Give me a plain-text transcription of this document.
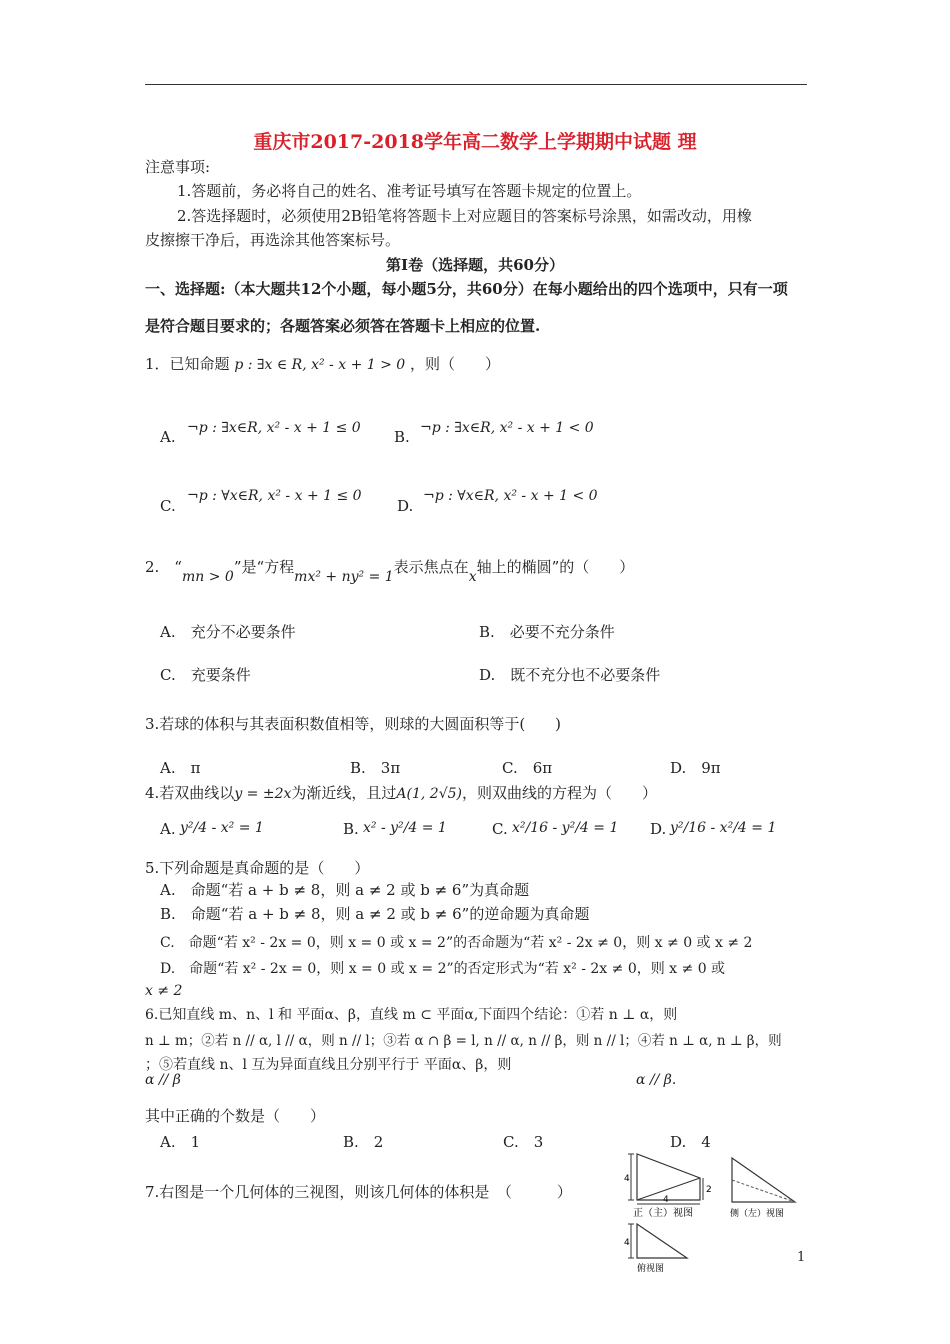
重庆市2017-2018学年高二数学上学期期中试题 理
注意事项:
1.答题前，务必将自己的姓名、准考证号填写在答题卡规定的位置上。
2.答选择题时，必须使用2B铅笔将答题卡上对应题目的答案标号涂黑，如需改动，用橡
皮擦擦干净后，再选涂其他答案标号。
第Ⅰ卷（选择题，共60分）
一、选择题:（本大题共12个小题，每小题5分，共60分）在每小题给出的四个选项中，只有一项
是符合题目要求的；各题答案必须答在答题卡上相应的位置.
1．已知命题 p : ∃x ∈ R, x² - x + 1 > 0 ，则（　　）
A. ¬p : ∃x∈R, x² - x + 1 ≤ 0 B. ¬p : ∃x∈R, x² - x + 1 < 0
C.
¬p : ∀x∈R, x² - x + 1 ≤ 0
D.
¬p : ∀x∈R, x² - x + 1 < 0
2.　“mn > 0”是“方程mx² + ny² = 1表示焦点在x轴上的椭圆”的（　　）
A.　充分不必要条件	B.　必要不充分条件
C.　充要条件	D.　既不充分也不必要条件
3.若球的体积与其表面积数值相等，则球的大圆面积等于(　　)
A.　π	B.　3π	C.　6π	D.　9π
4.若双曲线以y = ±2x为渐近线，且过A(1, 2√5)，则双曲线的方程为（　　）
A. y²/4 - x² = 1	B. x² - y²/4 = 1	C. x²/16 - y²/4 = 1 D. y²/16 - x²/4 = 1
5.下列命题是真命题的是（　　）
A.　命题“若 a + b ≠ 8，则 a ≠ 2 或 b ≠ 6”为真命题
B.　命题“若 a + b ≠ 8，则 a ≠ 2 或 b ≠ 6”的逆命题为真命题
C.　命题“若 x² - 2x = 0，则 x = 0 或 x = 2”的否命题为“若 x² - 2x ≠ 0，则 x ≠ 0 或 x ≠ 2
D.　命题“若 x² - 2x = 0，则 x = 0 或 x = 2”的否定形式为“若 x² - 2x ≠ 0，则 x ≠ 0 或
x ≠ 2
6.已知直线 m、n、l 和 平面α、β，直线 m ⊂ 平面α,下面四个结论：①若 n ⊥ α，则
n ⊥ m；②若 n // α, l // α，则 n // l；③若 α ∩ β = l, n // α, n // β，则 n // l；④若 n ⊥ α, n ⊥ β，则
；⑤若直线 n、l 互为异面直线且分别平行于 平面α、β，则
α // β	α // β.
其中正确的个数是（　　）
A.　1	B.　2	C.　3	D.　4
7.右图是一个几何体的三视图，则该几何体的体积是　（　　　）
4
2
4
正（主）视图	侧（左）视图
4
俯视图
1
